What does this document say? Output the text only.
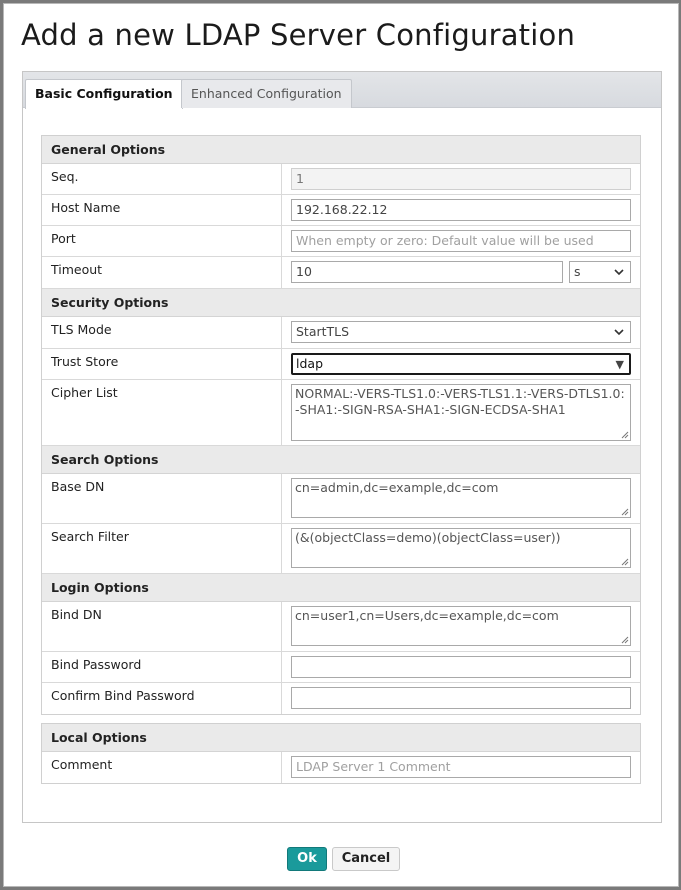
Add a new LDAP Server Configuration
Basic Configuration	Enhanced Configuration
General Options
Seq.	1
Host Name	192.168.22.12
Port	When empty or zero: Default value will be used
Timeout	10	s
Security Options
TLS Mode	StartTLS
Trust Store	ldap	▼
Cipher List	NORMAL:-VERS-TLS1.0:-VERS-TLS1.1:-VERS-DTLS1.0:-SHA1:-SIGN-RSA-SHA1:-SIGN-ECDSA-SHA1
Search Options
Base DN	cn=admin,dc=example,dc=com
Search Filter	(&(objectClass=demo)(objectClass=user))
Login Options
Bind DN	cn=user1,cn=Users,dc=example,dc=com
Bind Password
Confirm Bind Password
Local Options
Comment	LDAP Server 1 Comment
Ok	Cancel
